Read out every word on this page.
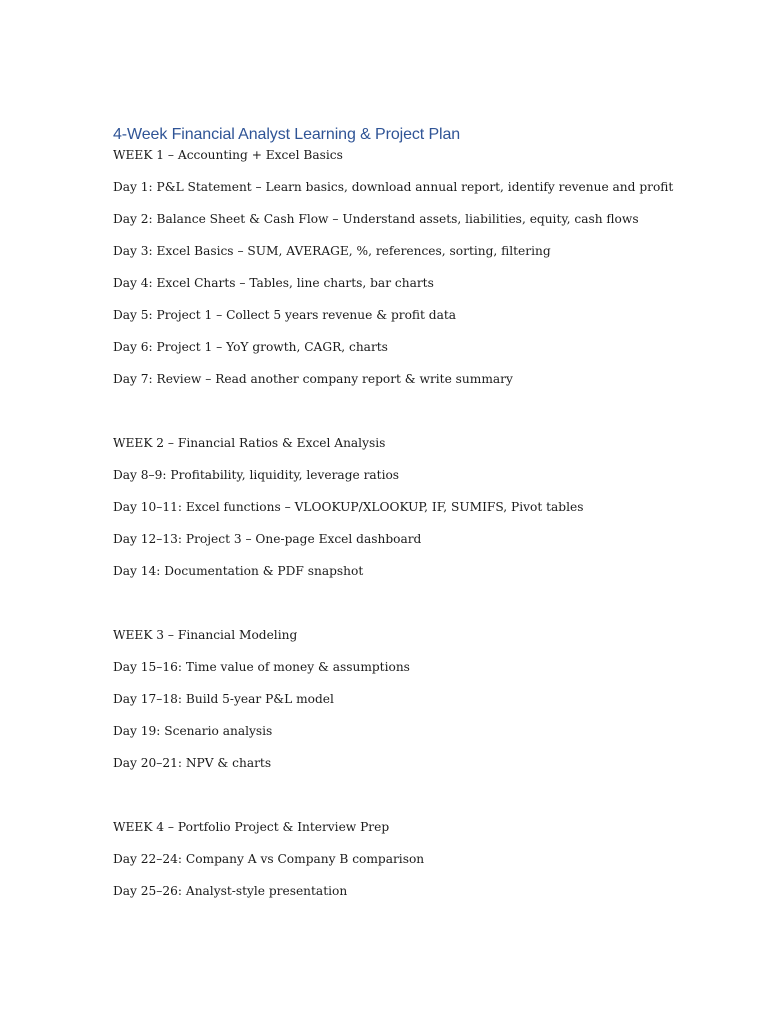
4-Week Financial Analyst Learning & Project Plan
WEEK 1 – Accounting + Excel Basics
Day 1: P&L Statement – Learn basics, download annual report, identify revenue and profit
Day 2: Balance Sheet & Cash Flow – Understand assets, liabilities, equity, cash flows
Day 3: Excel Basics – SUM, AVERAGE, %, references, sorting, filtering
Day 4: Excel Charts – Tables, line charts, bar charts
Day 5: Project 1 – Collect 5 years revenue & profit data
Day 6: Project 1 – YoY growth, CAGR, charts
Day 7: Review – Read another company report & write summary
WEEK 2 – Financial Ratios & Excel Analysis
Day 8–9: Profitability, liquidity, leverage ratios
Day 10–11: Excel functions – VLOOKUP/XLOOKUP, IF, SUMIFS, Pivot tables
Day 12–13: Project 3 – One-page Excel dashboard
Day 14: Documentation & PDF snapshot
WEEK 3 – Financial Modeling
Day 15–16: Time value of money & assumptions
Day 17–18: Build 5-year P&L model
Day 19: Scenario analysis
Day 20–21: NPV & charts
WEEK 4 – Portfolio Project & Interview Prep
Day 22–24: Company A vs Company B comparison
Day 25–26: Analyst-style presentation
